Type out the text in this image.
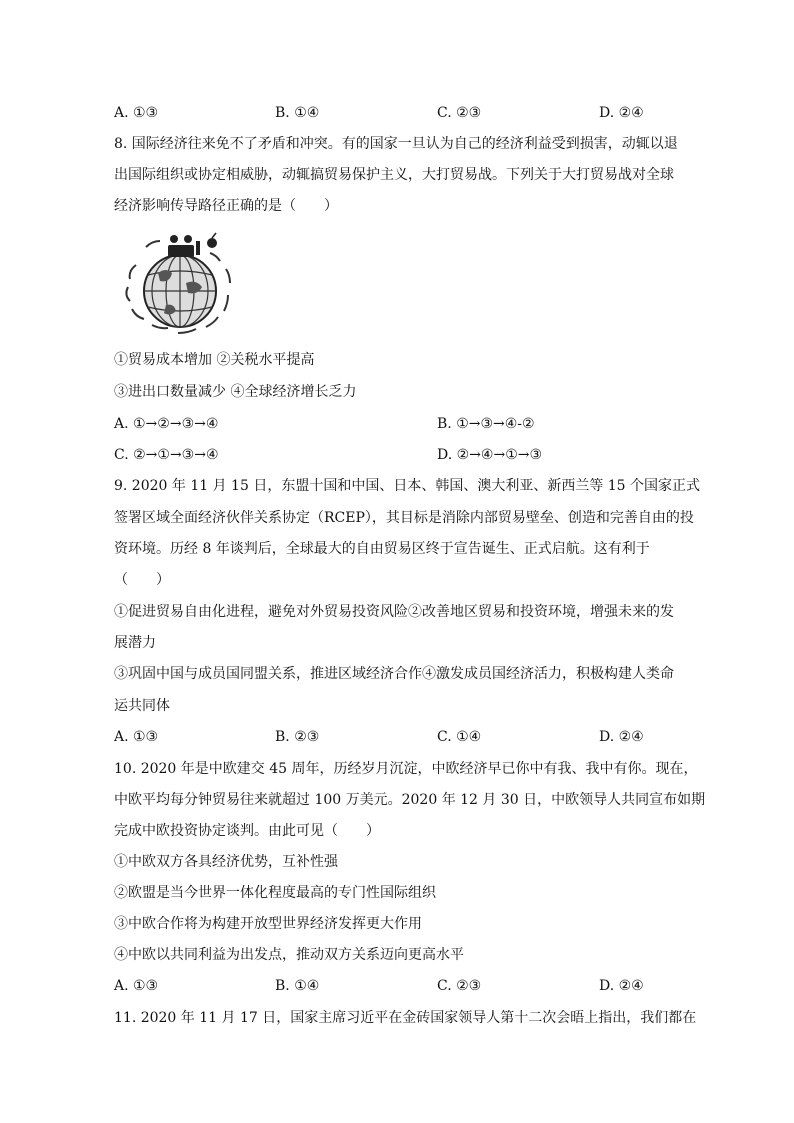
A. ①③	B. ①④	C. ②③	D. ②④
8. 国际经济往来免不了矛盾和冲突。有的国家一旦认为自己的经济利益受到损害，动辄以退
出国际组织或协定相威胁，动辄搞贸易保护主义，大打贸易战。下列关于大打贸易战对全球
经济影响传导路径正确的是（　　）
①贸易成本增加 ②关税水平提高
③进出口数量减少 ④全球经济增长乏力
A. ①→②→③→④	B. ①→③→④-②
C. ②→①→③→④	D. ②→④→①→③
9. 2020 年 11 月 15 日，东盟十国和中国、日本、韩国、澳大利亚、新西兰等 15 个国家正式
签署区域全面经济伙伴关系协定（RCEP），其目标是消除内部贸易壁垒、创造和完善自由的投
资环境。历经 8 年谈判后，全球最大的自由贸易区终于宣告诞生、正式启航。这有利于
（　　）
①促进贸易自由化进程，避免对外贸易投资风险②改善地区贸易和投资环境，增强未来的发
展潜力
③巩固中国与成员国同盟关系，推进区域经济合作④激发成员国经济活力，积极构建人类命
运共同体
A. ①③	B. ②③	C. ①④	D. ②④
10. 2020 年是中欧建交 45 周年，历经岁月沉淀，中欧经济早已你中有我、我中有你。现在，
中欧平均每分钟贸易往来就超过 100 万美元。2020 年 12 月 30 日，中欧领导人共同宣布如期
完成中欧投资协定谈判。由此可见（　　）
①中欧双方各具经济优势，互补性强
②欧盟是当今世界一体化程度最高的专门性国际组织
③中欧合作将为构建开放型世界经济发挥更大作用
④中欧以共同利益为出发点，推动双方关系迈向更高水平
A. ①③	B. ①④	C. ②③	D. ②④
11. 2020 年 11 月 17 日，国家主席习近平在金砖国家领导人第十二次会晤上指出，我们都在
